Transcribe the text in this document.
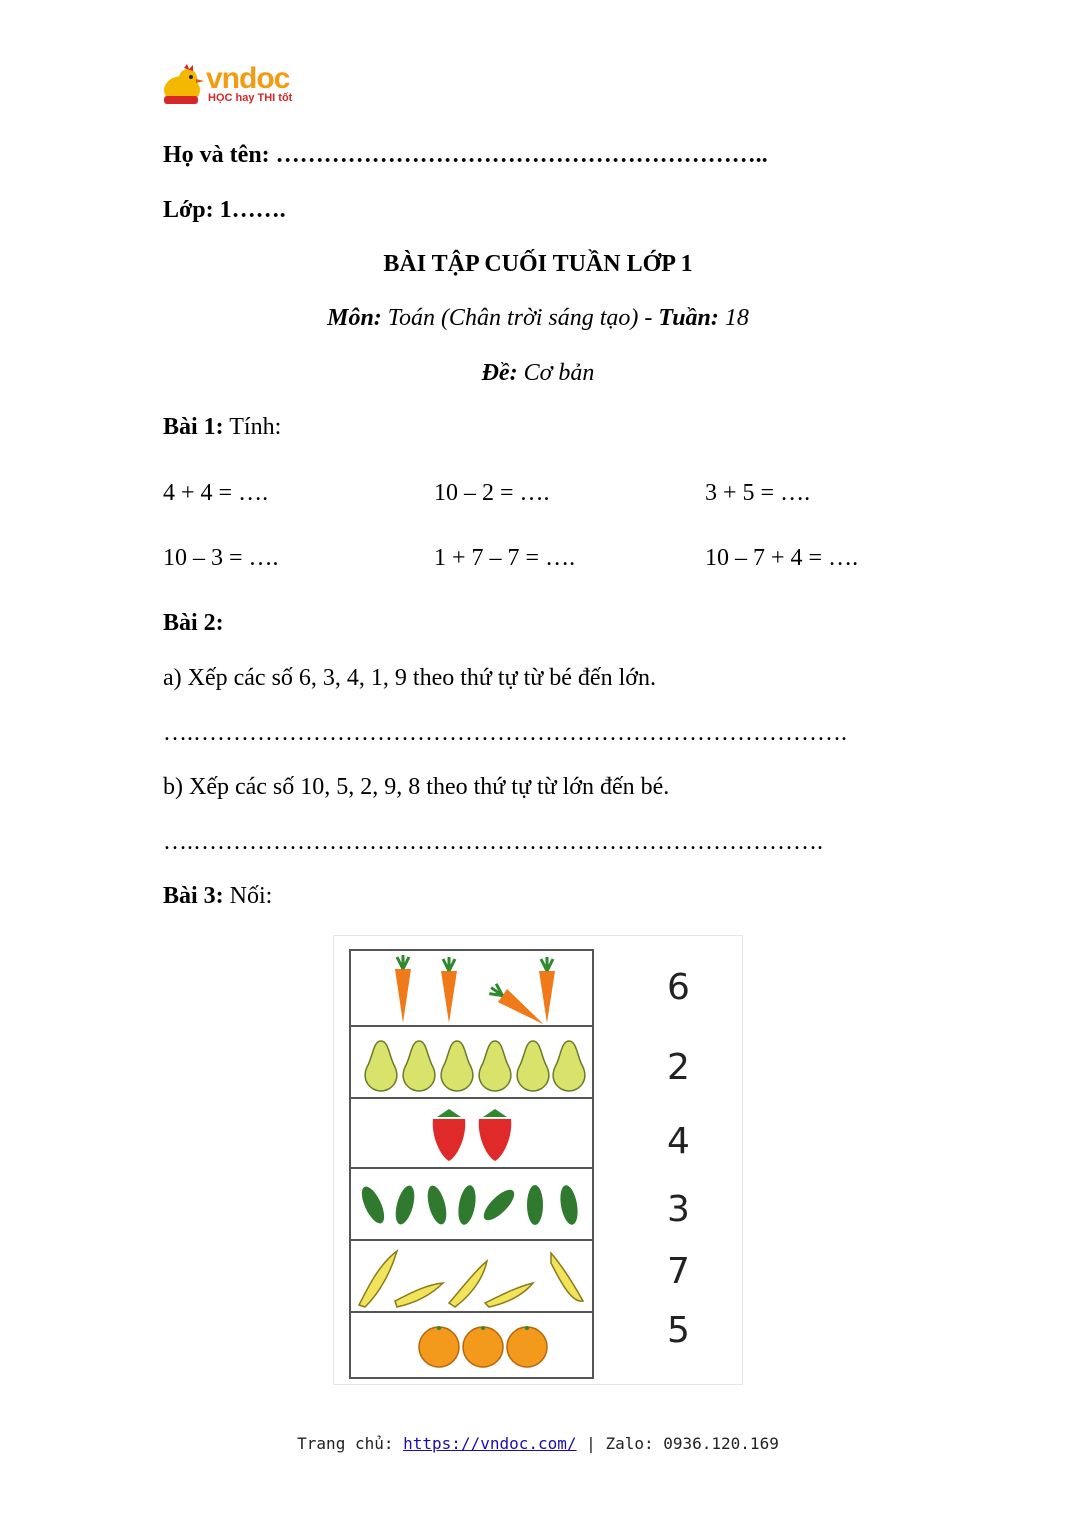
vndoc
HỌC hay THI tốt
Họ và tên: ……………………………………………………..
Lớp: 1…….
BÀI TẬP CUỐI TUẦN LỚP 1
Môn: Toán (Chân trời sáng tạo) - Tuần: 18
Đề: Cơ bản
Bài 1: Tính:
4 + 4 = ….	10 – 2 = ….	3 + 5 = ….
10 – 3 = ….	1 + 7 – 7 = ….	10 – 7 + 4 = ….
Bài 2:
a) Xếp các số 6, 3, 4, 1, 9 theo thứ tự từ bé đến lớn.
….……………………………………………………………………….
b) Xếp các số 10, 5, 2, 9, 8 theo thứ tự từ lớn đến bé.
….…………………………………………………………………….
Bài 3: Nối:
6
2
4
3
7
5
Trang chủ: https://vndoc.com/ | Zalo: 0936.120.169
